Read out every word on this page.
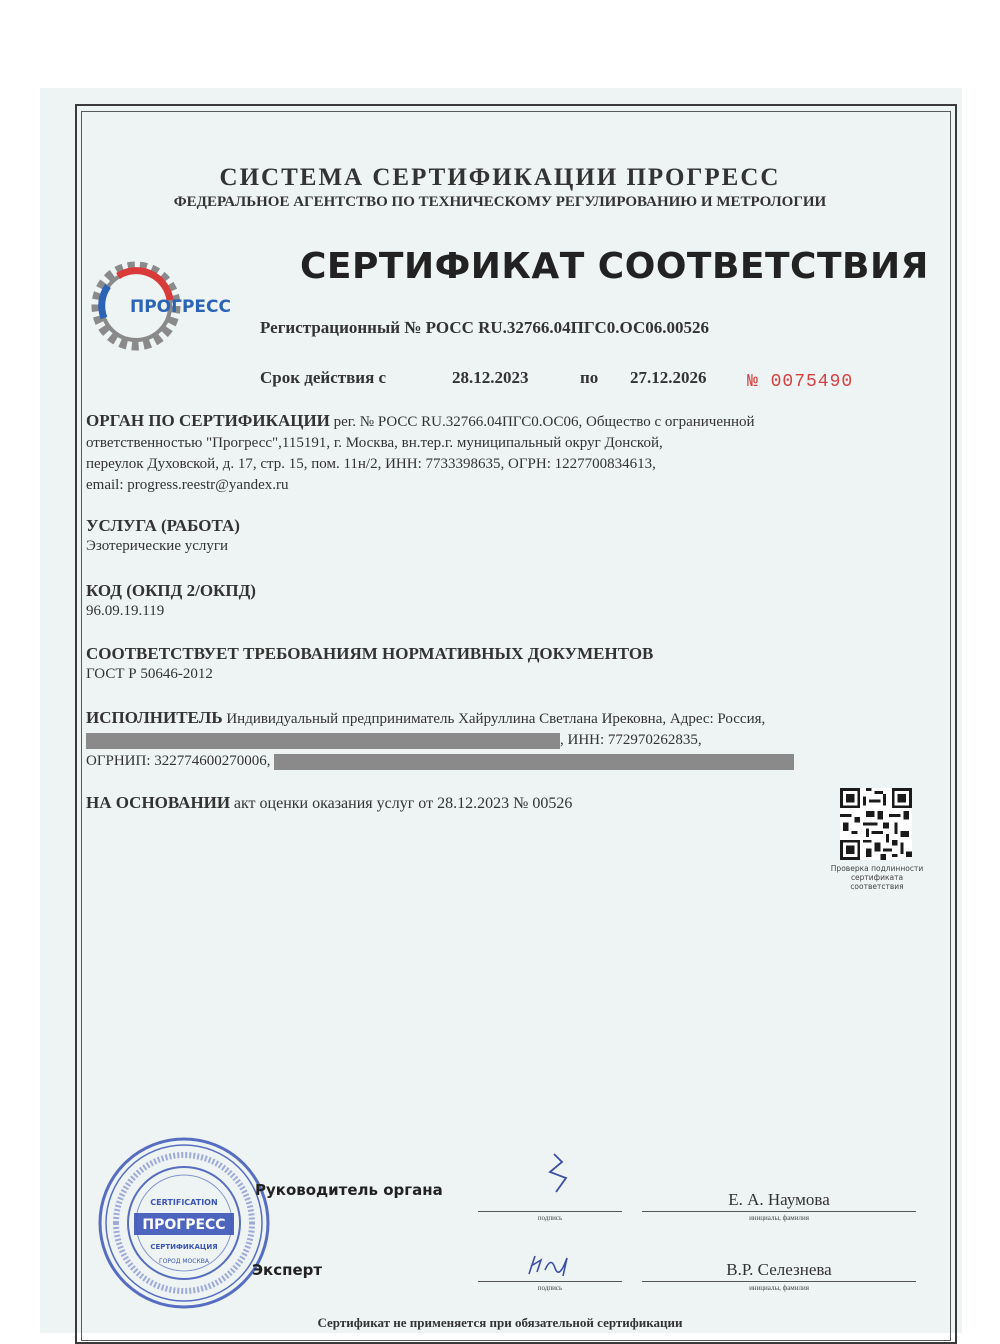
СИСТЕМА СЕРТИФИКАЦИИ ПРОГРЕСС
ФЕДЕРАЛЬНОЕ АГЕНТСТВО ПО ТЕХНИЧЕСКОМУ РЕГУЛИРОВАНИЮ И МЕТРОЛОГИИ
ПРОГРЕСС
СЕРТИФИКАТ СООТВЕТСТВИЯ
Регистрационный № РОСС RU.32766.04ПГС0.ОС06.00526
Срок действия с	28.12.2023	по 27.12.2026 № 0075490
ОРГАН ПО СЕРТИФИКАЦИИ рег. № РОСС RU.32766.04ПГС0.ОС06, Общество с ограниченной
ответственностью "Прогресс",115191, г. Москва, вн.тер.г. муниципальный округ Донской,
переулок Духовской, д. 17, стр. 15, пом. 11н/2, ИНН: 7733398635, ОГРН: 1227700834613,
email: progress.reestr@yandex.ru
УСЛУГА (РАБОТА)
Эзотерические услуги
КОД (ОКПД 2/ОКПД)
96.09.19.119
СООТВЕТСТВУЕТ ТРЕБОВАНИЯМ НОРМАТИВНЫХ ДОКУМЕНТОВ
ГОСТ Р 50646-2012
ИСПОЛНИТЕЛЬ Индивидуальный предприниматель Хайруллина Светлана Ирековна, Адрес: Россия,
, ИНН: 772970262835,
ОГРНИП: 322774600270006,
НА ОСНОВАНИИ акт оценки оказания услуг от 28.12.2023 № 00526
Проверка подлинности сертификата соответствия
CERTIFICATION
ПРОГРЕСС
СЕРТИФИКАЦИЯ
ГОРОД МОСКВА
Руководитель органа
подпись
Е. А. Наумова
инициалы, фамилия
Эксперт
подпись
В.Р. Селезнева
инициалы, фамилия
Сертификат не применяется при обязательной сертификации
